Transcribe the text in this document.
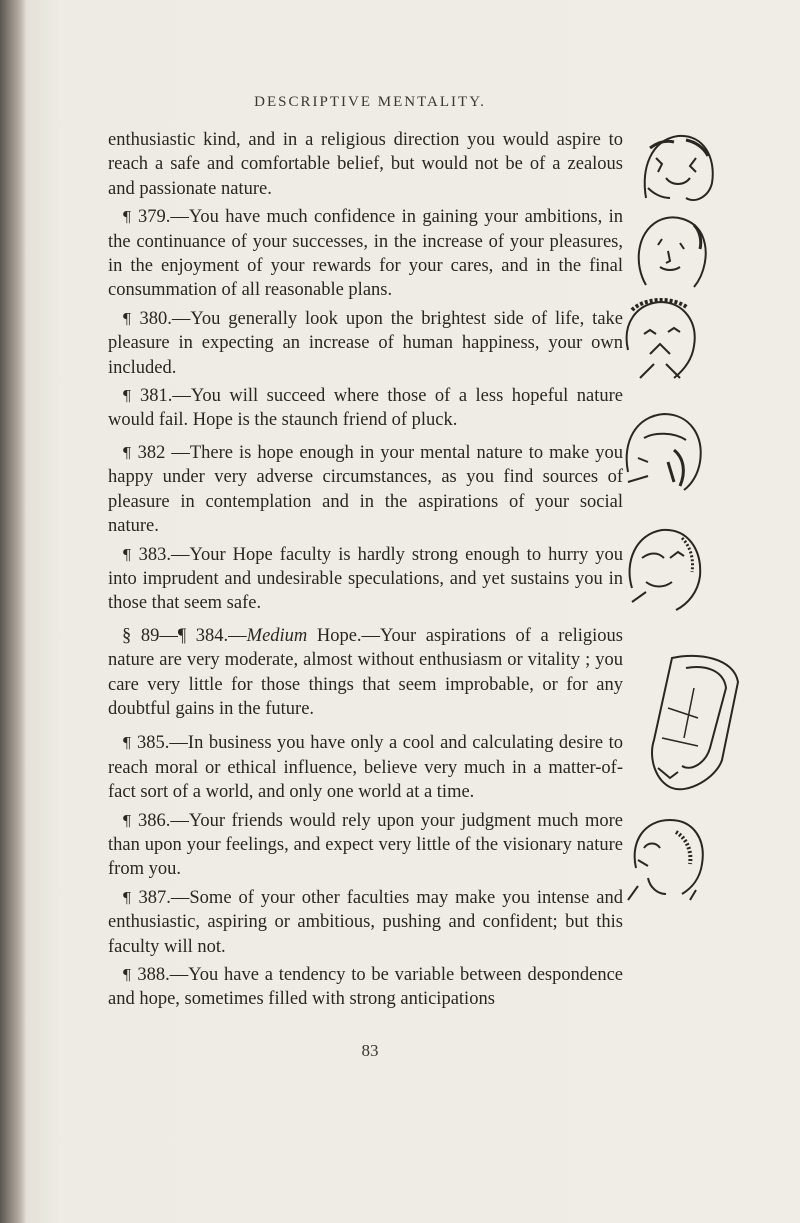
DESCRIPTIVE MENTALITY.

enthusiastic kind, and in a religious direction you would aspire to reach a safe and comfortable belief, but would not be of a zealous and passionate nature.

¶ 379.—You have much confidence in gaining your ambitions, in the continuance of your successes, in the increase of your pleasures, in the enjoyment of your rewards for your cares, and in the final consummation of all reasonable plans.

¶ 380.—You generally look upon the brightest side of life, take pleasure in expecting an increase of human happiness, your own included.

¶ 381.—You will succeed where those of a less hopeful nature would fail. Hope is the staunch friend of pluck.

¶ 382 —There is hope enough in your mental nature to make you happy under very adverse circumstances, as you find sources of pleasure in contemplation and in the aspirations of your social nature.

¶ 383.—Your Hope faculty is hardly strong enough to hurry you into imprudent and undesirable speculations, and yet sustains you in those that seem safe.

§ 89—¶ 384.—Medium Hope.—Your aspirations of a religious nature are very moderate, almost without enthusiasm or vitality ; you care very little for those things that seem improbable, or for any doubtful gains in the future.

¶ 385.—In business you have only a cool and calculating desire to reach moral or ethical influence, believe very much in a matter-of-fact sort of a world, and only one world at a time.

¶ 386.—Your friends would rely upon your judgment much more than upon your feelings, and expect very little of the visionary nature from you.

¶ 387.—Some of your other faculties may make you intense and enthusiastic, aspiring or ambitious, pushing and confident; but this faculty will not.

¶ 388.—You have a tendency to be variable between despondence and hope, sometimes filled with strong anticipations

83
